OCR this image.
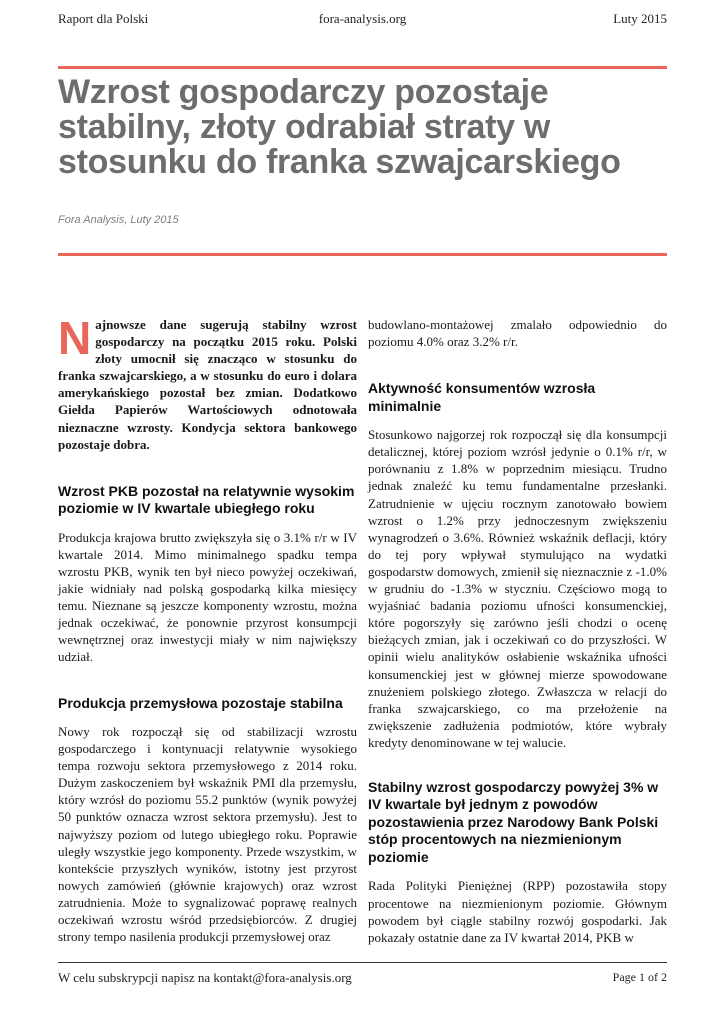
Raport dla Polski	fora-analysis.org	Luty 2015
Wzrost gospodarczy pozostaje stabilny, złoty odrabiał straty w stosunku do franka szwajcarskiego
Fora Analysis, Luty 2015

Najnowsze dane sugerują stabilny wzrost gospodarczy na początku 2015 roku. Polski złoty umocnił się znacząco w stosunku do franka szwajcarskiego, a w stosunku do euro i dolara amerykańskiego pozostał bez zmian. Dodatkowo Giełda Papierów Wartościowych odnotowała nieznaczne wzrosty. Kondycja sektora bankowego pozostaje dobra.

Wzrost PKB pozostał na relatywnie wysokim poziomie w IV kwartale ubiegłego roku

Produkcja krajowa brutto zwiększyła się o 3.1% r/r w IV kwartale 2014. Mimo minimalnego spadku tempa wzrostu PKB, wynik ten był nieco powyżej oczekiwań, jakie widniały nad polską gospodarką kilka miesięcy temu. Nieznane są jeszcze komponenty wzrostu, można jednak oczekiwać, że ponownie przyrost konsumpcji wewnętrznej oraz inwestycji miały w nim największy udział.

Produkcja przemysłowa pozostaje stabilna

Nowy rok rozpoczął się od stabilizacji wzrostu gospodarczego i kontynuacji relatywnie wysokiego tempa rozwoju sektora przemysłowego z 2014 roku. Dużym zaskoczeniem był wskaźnik PMI dla przemysłu, który wzrósł do poziomu 55.2 punktów (wynik powyżej 50 punktów oznacza wzrost sektora przemysłu). Jest to najwyższy poziom od lutego ubiegłego roku. Poprawie uległy wszystkie jego komponenty. Przede wszystkim, w kontekście przyszłych wyników, istotny jest przyrost nowych zamówień (głównie krajowych) oraz wzrost zatrudnienia. Może to sygnalizować poprawę realnych oczekiwań wzrostu wśród przedsiębiorców. Z drugiej strony tempo nasilenia produkcji przemysłowej oraz

budowlano-montażowej zmalało odpowiednio do poziomu 4.0% oraz 3.2% r/r.

Aktywność konsumentów wzrosła minimalnie

Stosunkowo najgorzej rok rozpoczął się dla konsumpcji detalicznej, której poziom wzrósł jedynie o 0.1% r/r, w porównaniu z 1.8% w poprzednim miesiącu. Trudno jednak znaleźć ku temu fundamentalne przesłanki. Zatrudnienie w ujęciu rocznym zanotowało bowiem wzrost o 1.2% przy jednoczesnym zwiększeniu wynagrodzeń o 3.6%. Również wskaźnik deflacji, który do tej pory wpływał stymulująco na wydatki gospodarstw domowych, zmienił się nieznacznie z -1.0% w grudniu do -1.3% w styczniu. Częściowo mogą to wyjaśniać badania poziomu ufności konsumenckiej, które pogorszyły się zarówno jeśli chodzi o ocenę bieżących zmian, jak i oczekiwań co do przyszłości. W opinii wielu analityków osłabienie wskaźnika ufności konsumenckiej jest w głównej mierze spowodowane znużeniem polskiego złotego. Zwłaszcza w relacji do franka szwajcarskiego, co ma przełożenie na zwiększenie zadłużenia podmiotów, które wybrały kredyty denominowane w tej walucie.

Stabilny wzrost gospodarczy powyżej 3% w IV kwartale był jednym z powodów pozostawienia przez Narodowy Bank Polski stóp procentowych na niezmienionym poziomie

Rada Polityki Pieniężnej (RPP) pozostawiła stopy procentowe na niezmienionym poziomie. Głównym powodem był ciągle stabilny rozwój gospodarki. Jak pokazały ostatnie dane za IV kwartał 2014, PKB w

W celu subskrypcji napisz na kontakt@fora-analysis.org	Page 1 of 2
